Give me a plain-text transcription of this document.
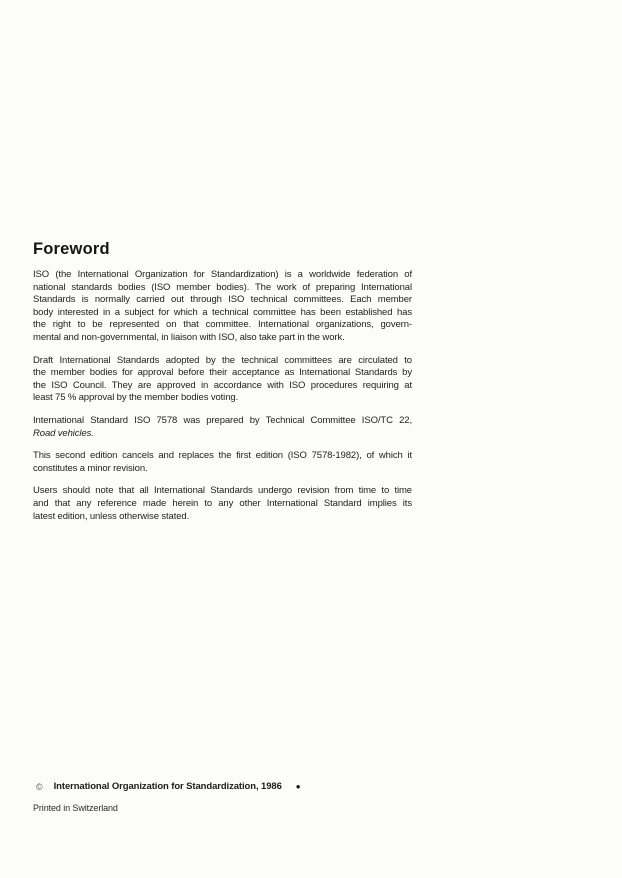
Foreword
ISO (the International Organization for Standardization) is a worldwide federation of
national standards bodies (ISO member bodies). The work of preparing International
Standards is normally carried out through ISO technical committees. Each member
body interested in a subject for which a technical committee has been established has
the right to be represented on that committee. International organizations, govern-
mental and non-governmental, in liaison with ISO, also take part in the work.
Draft International Standards adopted by the technical committees are circulated to
the member bodies for approval before their acceptance as International Standards by
the ISO Council. They are approved in accordance with ISO procedures requiring at
least 75 % approval by the member bodies voting.
International Standard ISO 7578 was prepared by Technical Committee ISO/TC 22,
Road vehicles.
This second edition cancels and replaces the first edition (ISO 7578-1982), of which it
constitutes a minor revision.
Users should note that all International Standards undergo revision from time to time
and that any reference made herein to any other International Standard implies its
latest edition, unless otherwise stated.
© International Organization for Standardization, 1986 ●
Printed in Switzerland
